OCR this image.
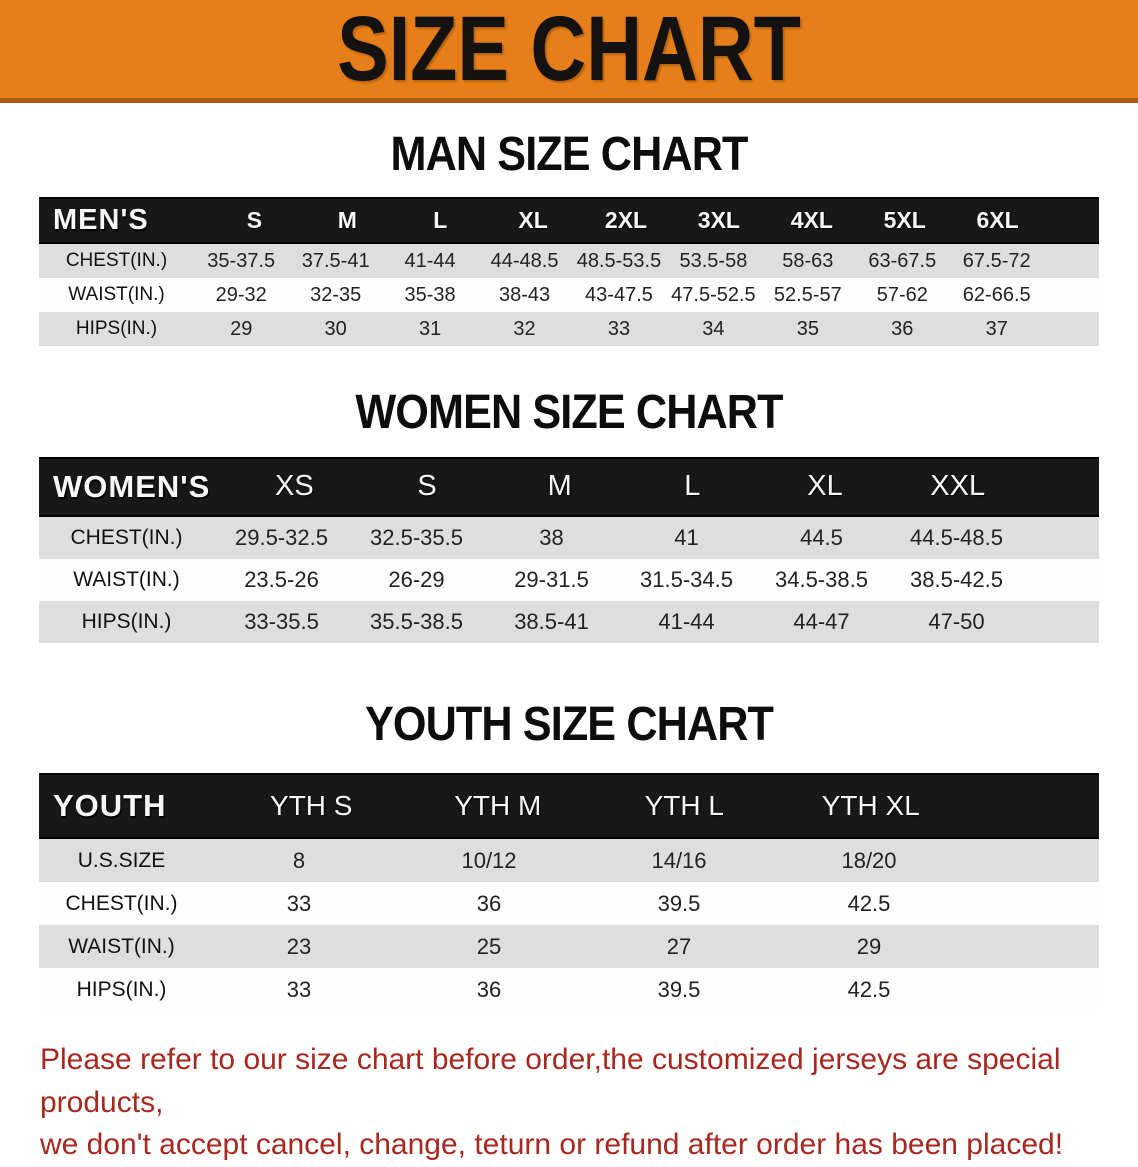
SIZE CHART
MAN SIZE CHART
MEN'S	S	M	L	XL	2XL	3XL	4XL	5XL	6XL
CHEST(IN.)	35-37.5	37.5-41	41-44	44-48.5 48.5-53.5 53.5-58	58-63	63-67.5	67.5-72
WAIST(IN.)	29-32	32-35	35-38	38-43	43-47.5 47.5-52.5 52.5-57	57-62	62-66.5
HIPS(IN.)	29	30	31	32	33	34	35	36	37
WOMEN SIZE CHART
WOMEN'S	XS	S	M	L	XL	XXL
CHEST(IN.)	29.5-32.5	32.5-35.5	38	41	44.5	44.5-48.5
WAIST(IN.)	23.5-26	26-29	29-31.5	31.5-34.5	34.5-38.5	38.5-42.5
HIPS(IN.)	33-35.5	35.5-38.5	38.5-41	41-44	44-47	47-50
YOUTH SIZE CHART
YOUTH	YTH S	YTH M	YTH L	YTH XL
U.S.SIZE	8	10/12	14/16	18/20
CHEST(IN.)	33	36	39.5	42.5
WAIST(IN.)	23	25	27	29
HIPS(IN.)	33	36	39.5	42.5
Please refer to our size chart before order,the customized jerseys are special products,
we don't accept cancel, change, teturn or refund after order has been placed!
